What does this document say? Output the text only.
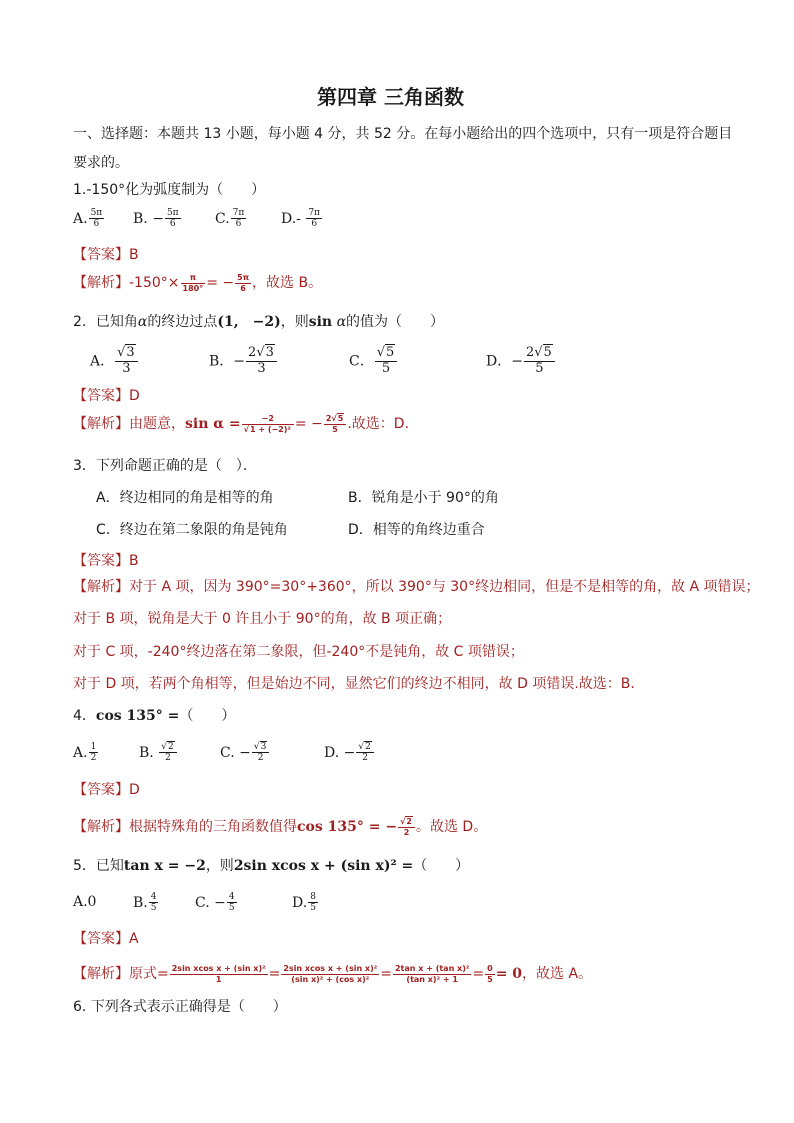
第四章 三角函数
一、选择题：本题共 13 小题，每小题 4 分，共 52 分。在每小题给出的四个选项中，只有一项是符合题目
要求的。
1.-150°化为弧度制为（　　）
A. $\frac{5\pi}{6} B$. − $\frac{5\pi}{6} C$. $\frac{7\pi}{6} D.- \frac{7\pi}{6}$
【答案】B
【解析】$-150^\circ\times \frac{\pi}{180^\circ}$ = − $\frac{5\pi}{6}$ ，故选 B。
2．已知角α的终边过点(1,　−2)，则sin α的值为（　　）
A． $\frac{√3}{3}$	B．− $\frac{2√3}{3}$	C． $\frac{√5}{5}$	D．− $\frac{2√5}{5}$
【答案】D
【解析】由题意，$\sin \alpha = \frac{-2}{\text{√1 + (−2)²}}$ = − $\frac{2√5}{5}$ .故选：D.
3．下列命题正确的是（　）．
A．终边相同的角是相等的角	B．锐角是小于 90°的角
C．终边在第二象限的角是钝角	D．相等的角终边重合
【答案】B
【解析】对于 A 项，因为 390°=30°+360°，所以 390°与 30°终边相同，但是不是相等的角，故 A 项错误；
对于 B 项，锐角是大于 0 许且小于 90°的角，故 B 项正确；
对于 C 项，-240°终边落在第二象限，但-240°不是钝角，故 C 项错误；
对于 D 项，若两个角相等，但是始边不同，显然它们的终边不相同，故 D 项错误.故选：B.
4．cos 135° =（　　）
A. $\frac{1}{2}$	B. $\frac{√2}{2}$	C. − $\frac{√3}{2}$	D. − $\frac{√2}{2}$
【答案】D
【解析】根据特殊角的三角函数值得cos 135° = − $\frac{√2}{2}$ 。故选 D。
5．已知tan x = −2，则2sin xcos x + (sin x)² =（　　）
A.0	B. $\frac{4}{5}$	C. − $\frac{4}{5}$	D. $\frac{8}{5}$
【答案】A
【解析】原式= $\frac{\text{2sin xcos x + (sin x)²}}{1} = \frac{\text{2sin xcos x + (sin x)²}}{\text{(sin x)² + (cos x)²}} = \frac{\text{2tan x + (tan x)²}}{\text{(tan x)² + 1}} = \frac{0}{5} = 0$，故选 A。
6. 下列各式表示正确得是（　　）
